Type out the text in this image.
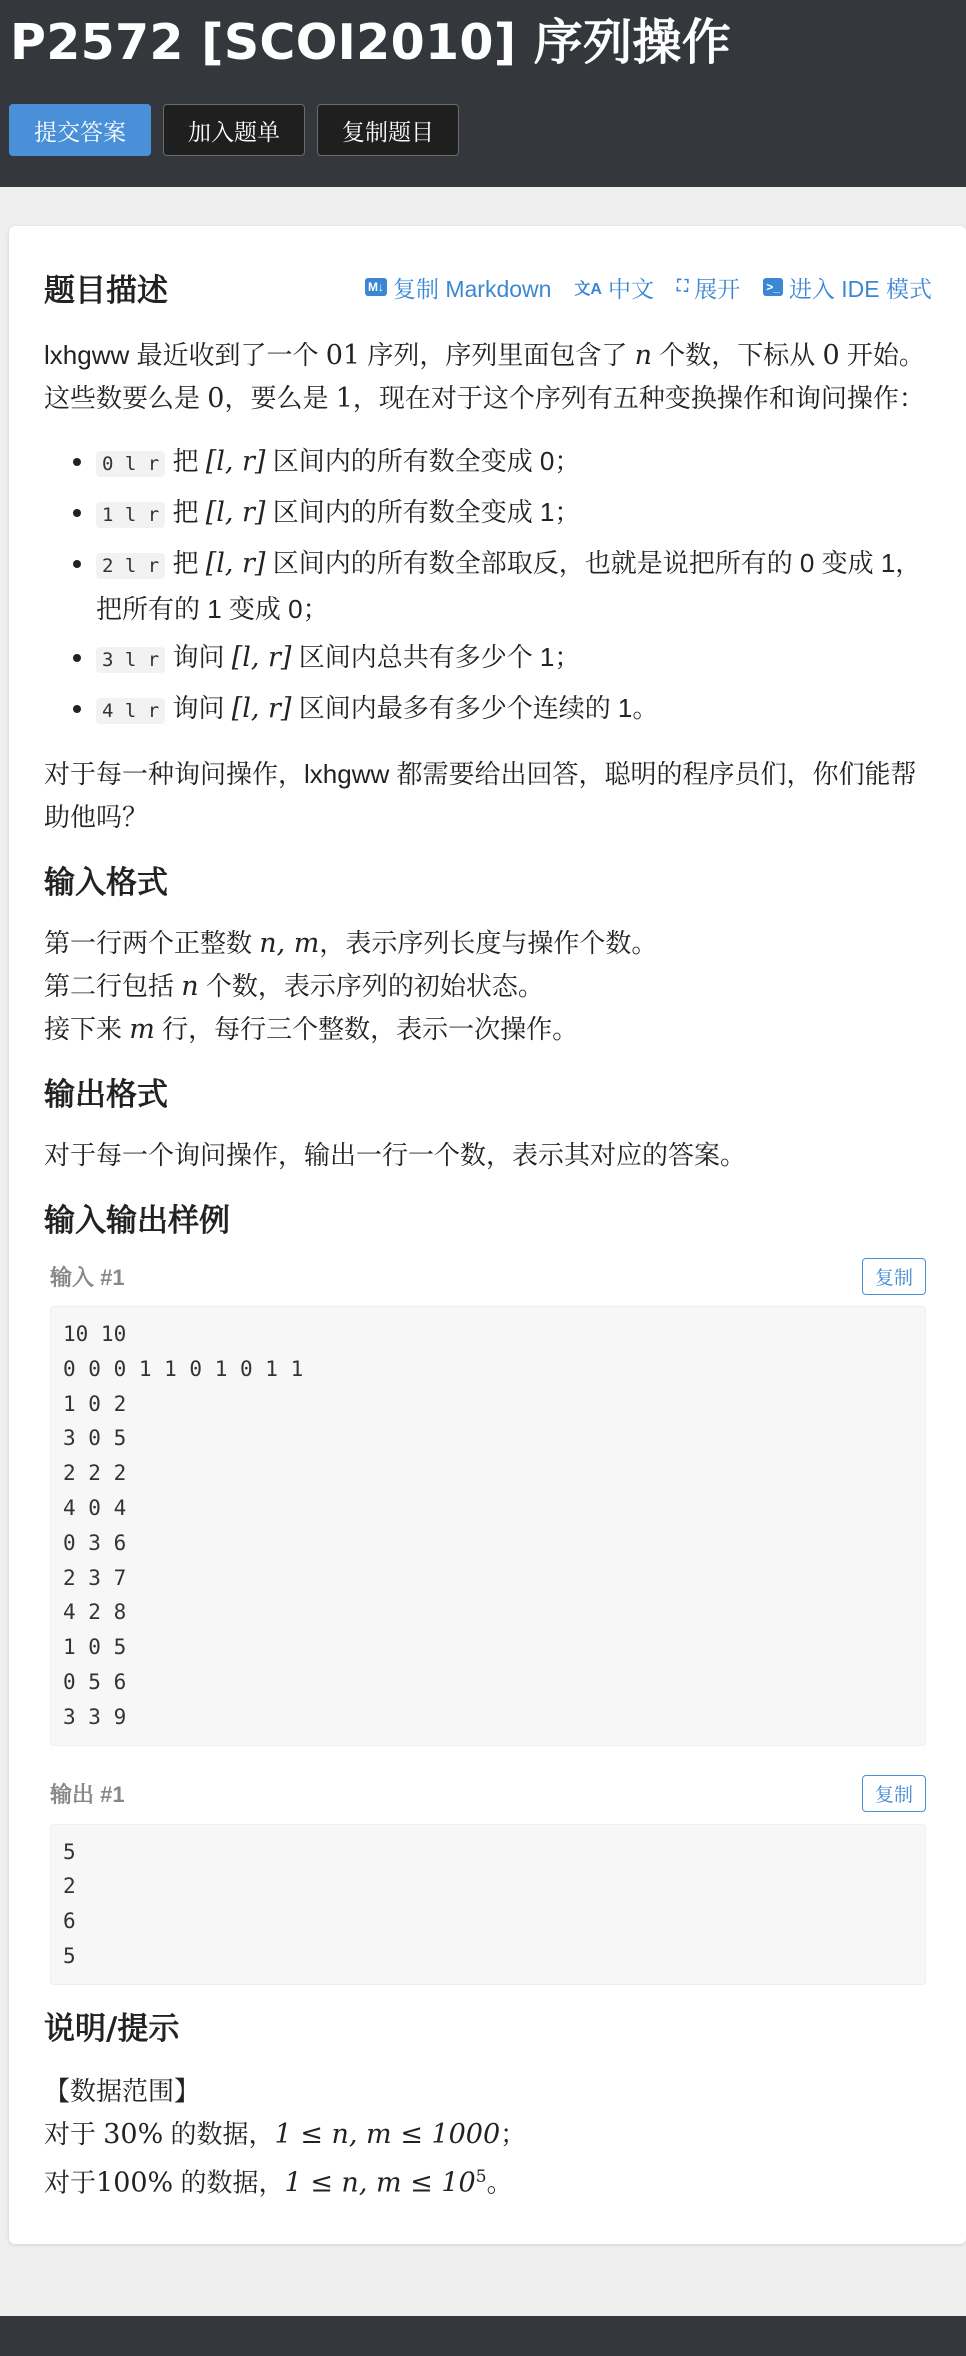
P2572 [SCOI2010] 序列操作
提交答案	加入题单	复制题目
题目描述	M↓ 复制 Markdown 文A 中文 ⛶ 展开 >_ 进入 IDE 模式

lxhgww 最近收到了一个 01 序列，序列里面包含了 n 个数，下标从 0 开始。

这些数要么是 0，要么是 1，现在对于这个序列有五种变换操作和询问操作：

• 0 l r 把 [l, r] 区间内的所有数全变成 0；
• 1 l r 把 [l, r] 区间内的所有数全变成 1；
• 2 l r 把 [l, r] 区间内的所有数全部取反，也就是说把所有的 0 变成 1，
把所有的 1 变成 0；
• 3 l r 询问 [l, r] 区间内总共有多少个 1；
• 4 l r 询问 [l, r] 区间内最多有多少个连续的 1。

对于每一种询问操作，lxhgww 都需要给出回答，聪明的程序员们，你们能帮

助他吗？

输入格式

第一行两个正整数 n, m，表示序列长度与操作个数。

第二行包括 n 个数，表示序列的初始状态。

接下来 m 行，每行三个整数，表示一次操作。

输出格式

对于每一个询问操作，输出一行一个数，表示其对应的答案。

输入输出样例
输入 #1	复制
10 10
0 0 0 1 1 0 1 0 1 1
1 0 2
3 0 5
2 2 2
4 0 4
0 3 6
2 3 7
4 2 8
1 0 5
0 5 6
3 3 9
输出 #1	复制
5
2
6
5
说明/提示

【数据范围】

对于 30% 的数据，1 ≤ n, m ≤ 1000；

对于100% 的数据，1 ≤ n, $m \le 10^5$。
